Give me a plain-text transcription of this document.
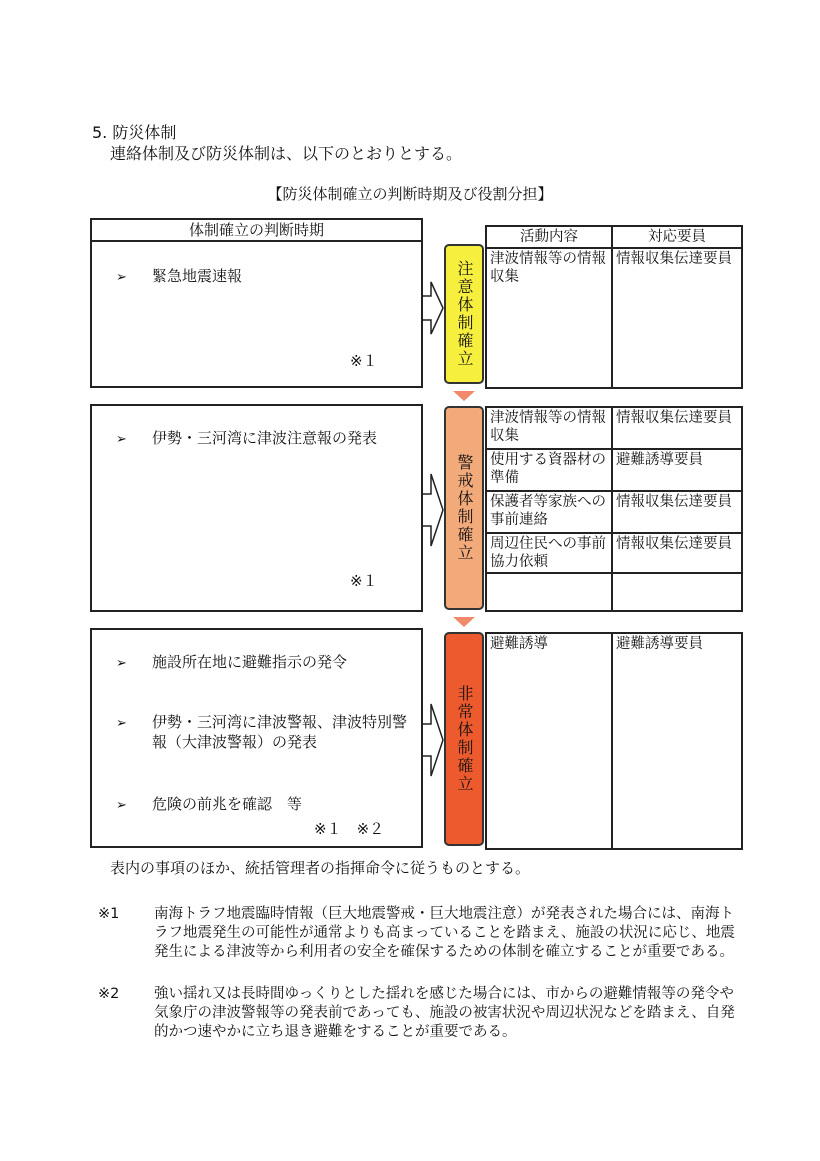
5. 防災体制
連絡体制及び防災体制は、以下のとおりとする。
【防災体制確立の判断時期及び役割分担】
体制確立の判断時期
➢ 緊急地震速報
※１
➢ 伊勢・三河湾に津波注意報の発表
※１
➢ 施設所在地に避難指示の発令
➢ 伊勢・三河湾に津波警報、津波特別警報（大津波警報）の発表
➢ 危険の前兆を確認　等
※１　※２
注意体制確立
警戒体制確立
非常体制確立
活動内容	対応要員
津波情報等の情報収集	情報収集伝達要員
津波情報等の情報収集	情報収集伝達要員
使用する資器材の準備	避難誘導要員
保護者等家族への事前連絡	情報収集伝達要員
周辺住民への事前協力依頼	情報収集伝達要員

避難誘導	避難誘導要員
表内の事項のほか、統括管理者の指揮命令に従うものとする。
※1 南海トラフ地震臨時情報（巨大地震警戒・巨大地震注意）が発表された場合には、南海トラフ地震発生の可能性が通常よりも高まっていることを踏まえ、施設の状況に応じ、地震発生による津波等から利用者の安全を確保するための体制を確立することが重要である。
※2 強い揺れ又は長時間ゆっくりとした揺れを感じた場合には、市からの避難情報等の発令や気象庁の津波警報等の発表前であっても、施設の被害状況や周辺状況などを踏まえ、自発的かつ速やかに立ち退き避難をすることが重要である。
